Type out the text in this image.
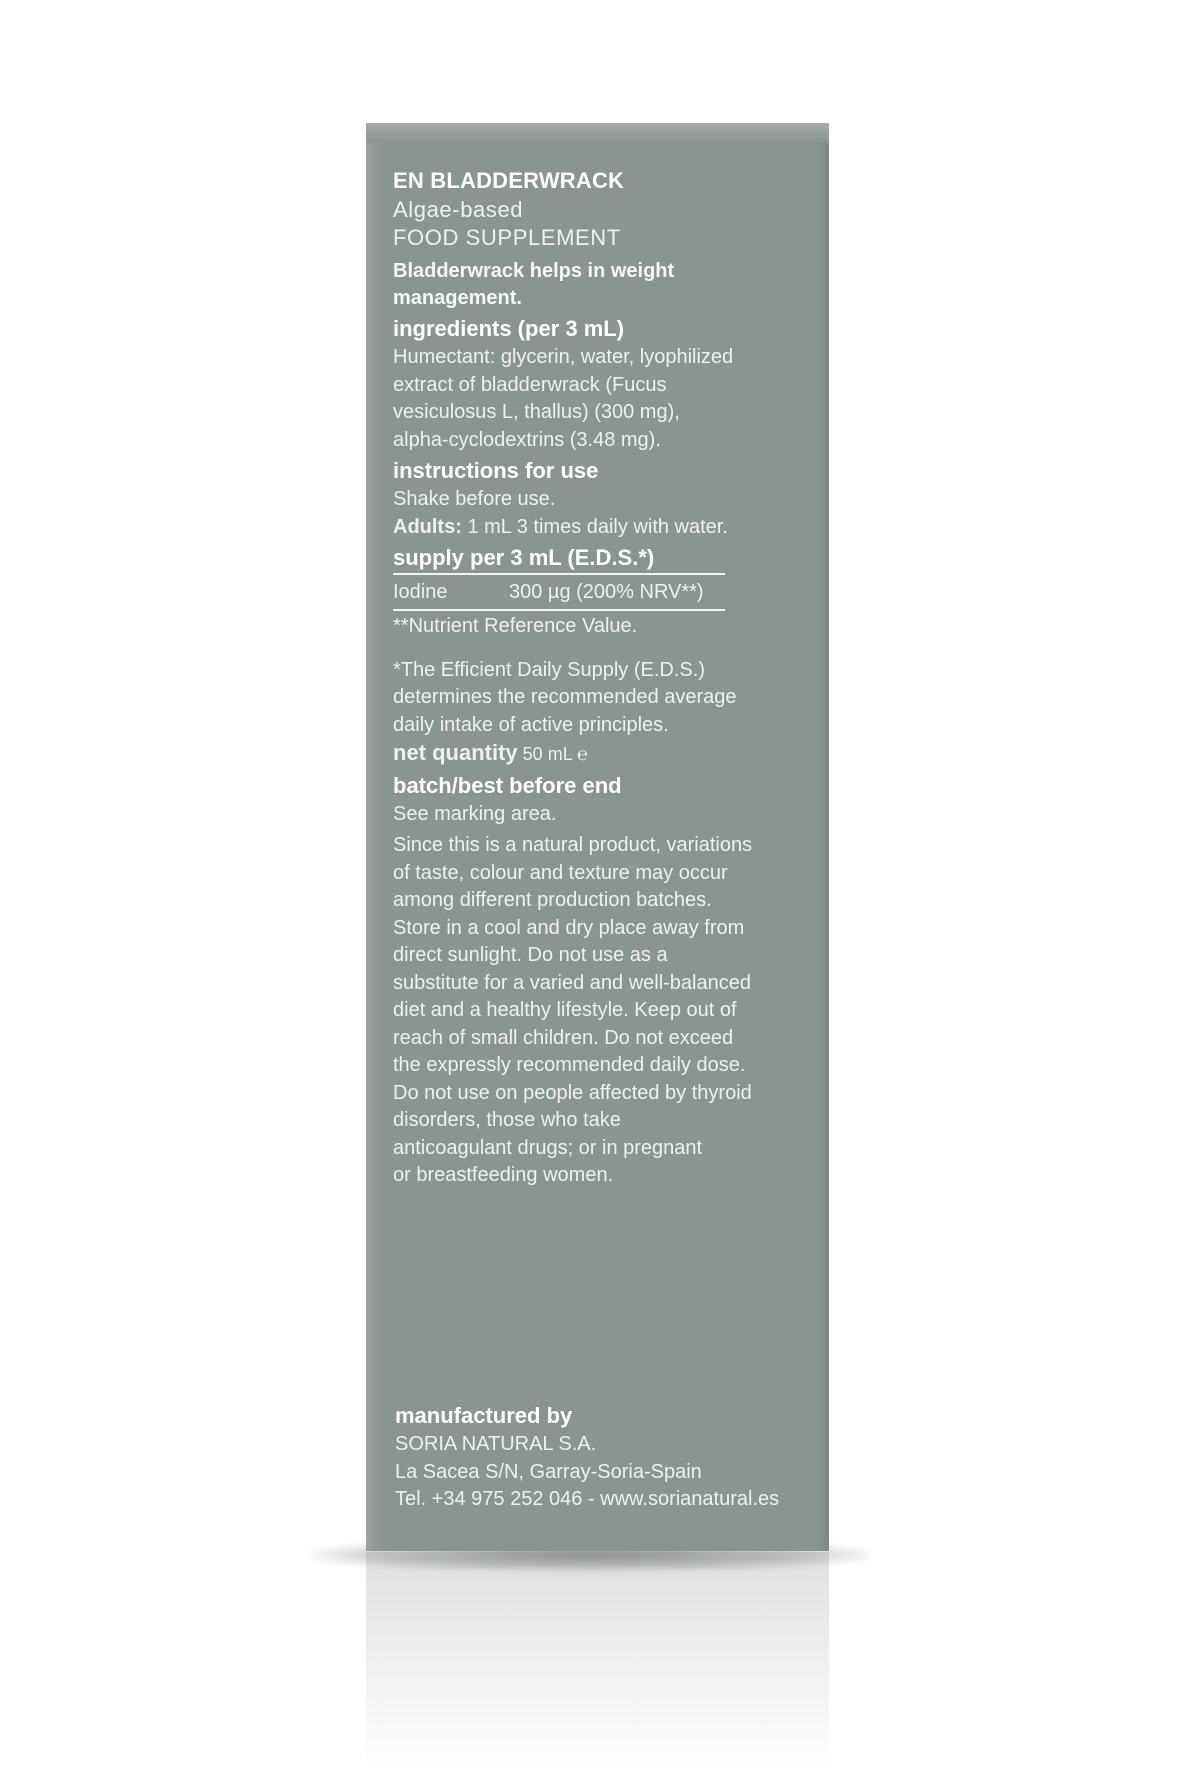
EN BLADDERWRACK
Algae-based
FOOD SUPPLEMENT
Bladderwrack helps in weight
management.
ingredients (per 3 mL)
Humectant: glycerin, water, lyophilized
extract of bladderwrack (Fucus
vesiculosus L, thallus) (300 mg),
alpha-cyclodextrins (3.48 mg).
instructions for use
Shake before use.
Adults: 1 mL 3 times daily with water.
supply per 3 mL (E.D.S.*)
Iodine	300 µg (200% NRV**)
**Nutrient Reference Value.
*The Efficient Daily Supply (E.D.S.)
determines the recommended average
daily intake of active principles.
net quantity 50 mL ℮
batch/best before end
See marking area.
Since this is a natural product, variations
of taste, colour and texture may occur
among different production batches.
Store in a cool and dry place away from
direct sunlight. Do not use as a
substitute for a varied and well-balanced
diet and a healthy lifestyle. Keep out of
reach of small children. Do not exceed
the expressly recommended daily dose.
Do not use on people affected by thyroid
disorders, those who take
anticoagulant drugs; or in pregnant
or breastfeeding women.
manufactured by
SORIA NATURAL S.A.
La Sacea S/N, Garray-Soria-Spain
Tel. +34 975 252 046 - www.sorianatural.es
